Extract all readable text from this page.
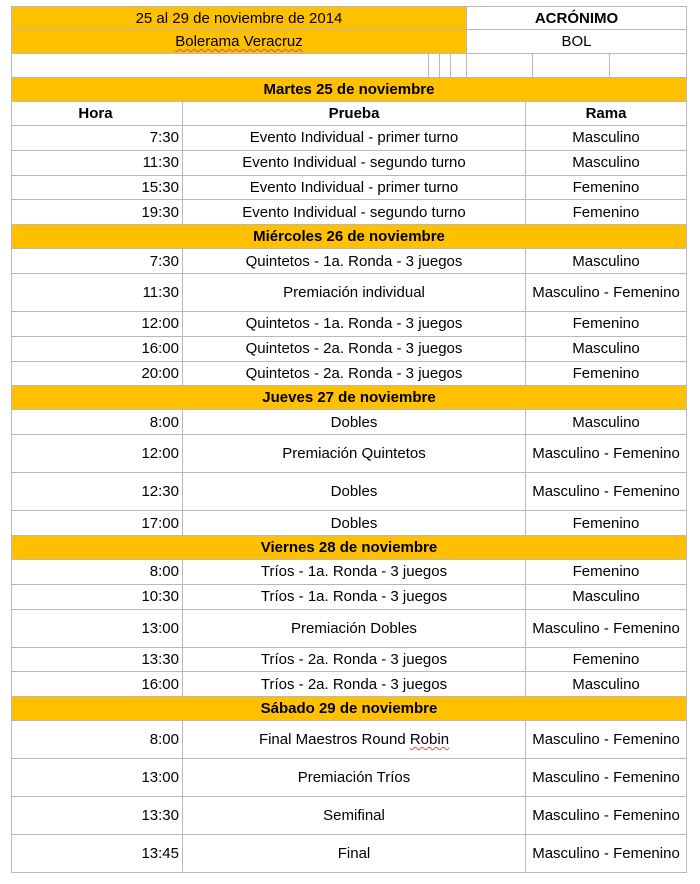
25 al 29 de noviembre de 2014	ACRÓNIMO
Bolerama Veracruz	BOL
Martes 25 de noviembre
Hora	Prueba	Rama
7:30	Evento Individual - primer turno	Masculino
11:30	Evento Individual - segundo turno	Masculino
15:30	Evento Individual - primer turno	Femenino
19:30	Evento Individual - segundo turno	Femenino
Miércoles 26 de noviembre
7:30	Quintetos - 1a. Ronda - 3 juegos	Masculino
11:30	Premiación individual	Masculino - Femenino
12:00	Quintetos - 1a. Ronda - 3 juegos	Femenino
16:00	Quintetos - 2a. Ronda - 3 juegos	Masculino
20:00	Quintetos - 2a. Ronda - 3 juegos	Femenino
Jueves 27 de noviembre
8:00	Dobles	Masculino
12:00	Premiación Quintetos	Masculino - Femenino
12:30	Dobles	Masculino - Femenino
17:00	Dobles	Femenino
Viernes 28 de noviembre
8:00	Tríos - 1a. Ronda - 3 juegos	Femenino
10:30	Tríos - 1a. Ronda - 3 juegos	Masculino
13:00	Premiación Dobles	Masculino - Femenino
13:30	Tríos - 2a. Ronda - 3 juegos	Femenino
16:00	Tríos - 2a. Ronda - 3 juegos	Masculino
Sábado 29 de noviembre
8:00	Final Maestros Round Robin	Masculino - Femenino
13:00	Premiación Tríos	Masculino - Femenino
13:30	Semifinal	Masculino - Femenino
13:45	Final	Masculino - Femenino
